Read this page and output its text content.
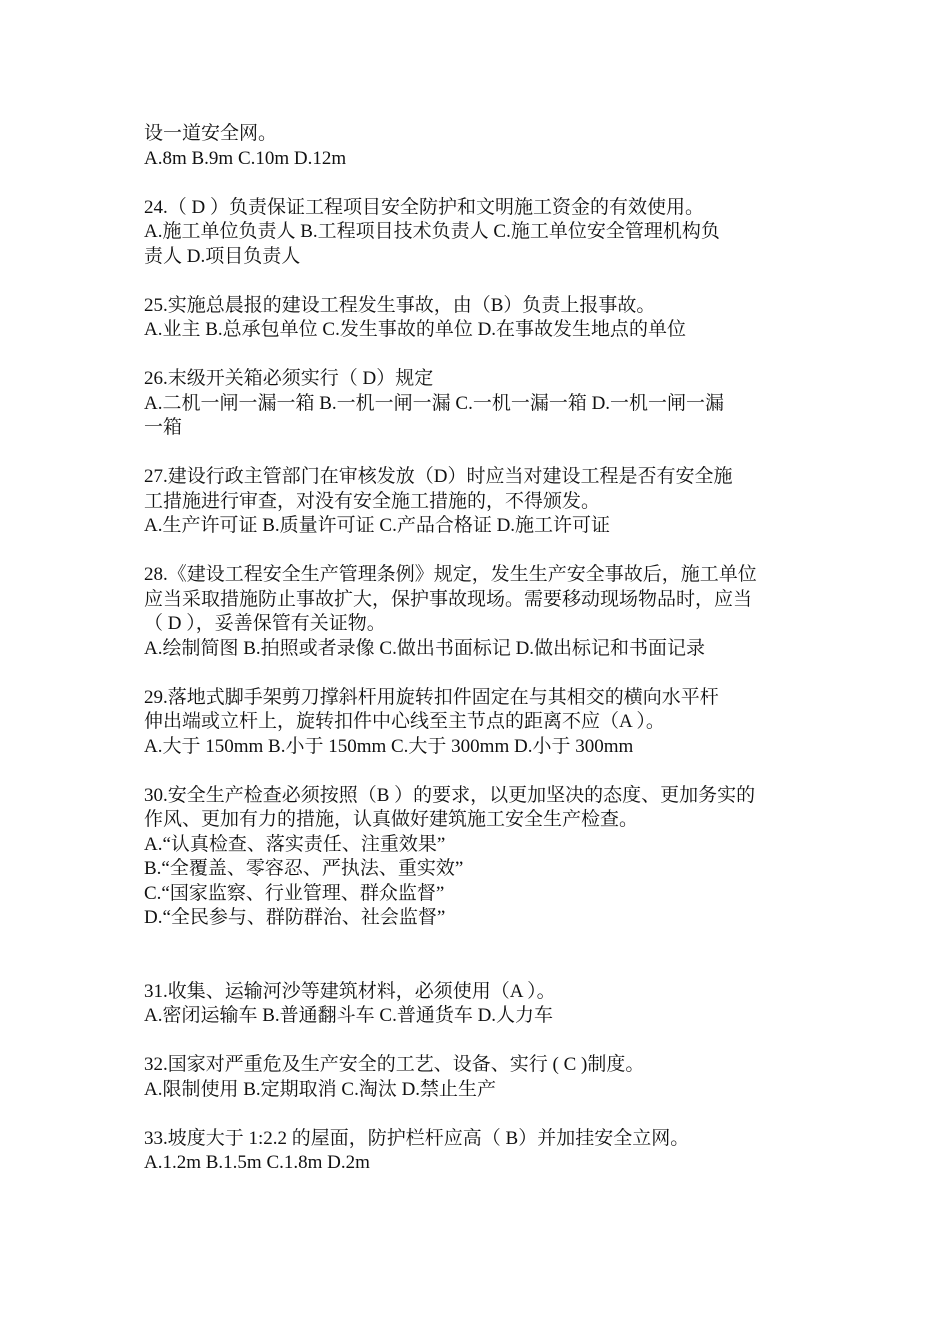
设一道安全网。
A.8m B.9m C.10m D.12m
24.（ D ）负责保证工程项目安全防护和文明施工资金的有效使用。
A.施工单位负责人 B.工程项目技术负责人 C.施工单位安全管理机构负
责人 D.项目负责人
25.实施总晨报的建设工程发生事故，由（B）负责上报事故。
A.业主 B.总承包单位 C.发生事故的单位 D.在事故发生地点的单位
26.末级开关箱必须实行（ D）规定
A.二机一闸一漏一箱 B.一机一闸一漏 C.一机一漏一箱 D.一机一闸一漏
一箱
27.建设行政主管部门在审核发放（D）时应当对建设工程是否有安全施
工措施进行审查，对没有安全施工措施的，不得颁发。
A.生产许可证 B.质量许可证 C.产品合格证 D.施工许可证
28.《建设工程安全生产管理条例》规定，发生生产安全事故后，施工单位
应当采取措施防止事故扩大，保护事故现场。需要移动现场物品时，应当
（ D ），妥善保管有关证物。
A.绘制简图 B.拍照或者录像 C.做出书面标记 D.做出标记和书面记录
29.落地式脚手架剪刀撑斜杆用旋转扣件固定在与其相交的横向水平杆
伸出端或立杆上，旋转扣件中心线至主节点的距离不应（A ）。
A.大于 150mm B.小于 150mm C.大于 300mm D.小于 300mm
30.安全生产检查必须按照（B ）的要求，以更加坚决的态度、更加务实的
作风、更加有力的措施，认真做好建筑施工安全生产检查。
A.“认真检查、落实责任、注重效果”
B.“全覆盖、零容忍、严执法、重实效”
C.“国家监察、行业管理、群众监督”
D.“全民参与、群防群治、社会监督”
31.收集、运输河沙等建筑材料，必须使用（A ）。
A.密闭运输车 B.普通翻斗车 C.普通货车 D.人力车
32.国家对严重危及生产安全的工艺、设备、实行 ( C )制度。
A.限制使用 B.定期取消 C.淘汰 D.禁止生产
33.坡度大于 1:2.2 的屋面，防护栏杆应高（ B）并加挂安全立网。
A.1.2m B.1.5m C.1.8m D.2m
